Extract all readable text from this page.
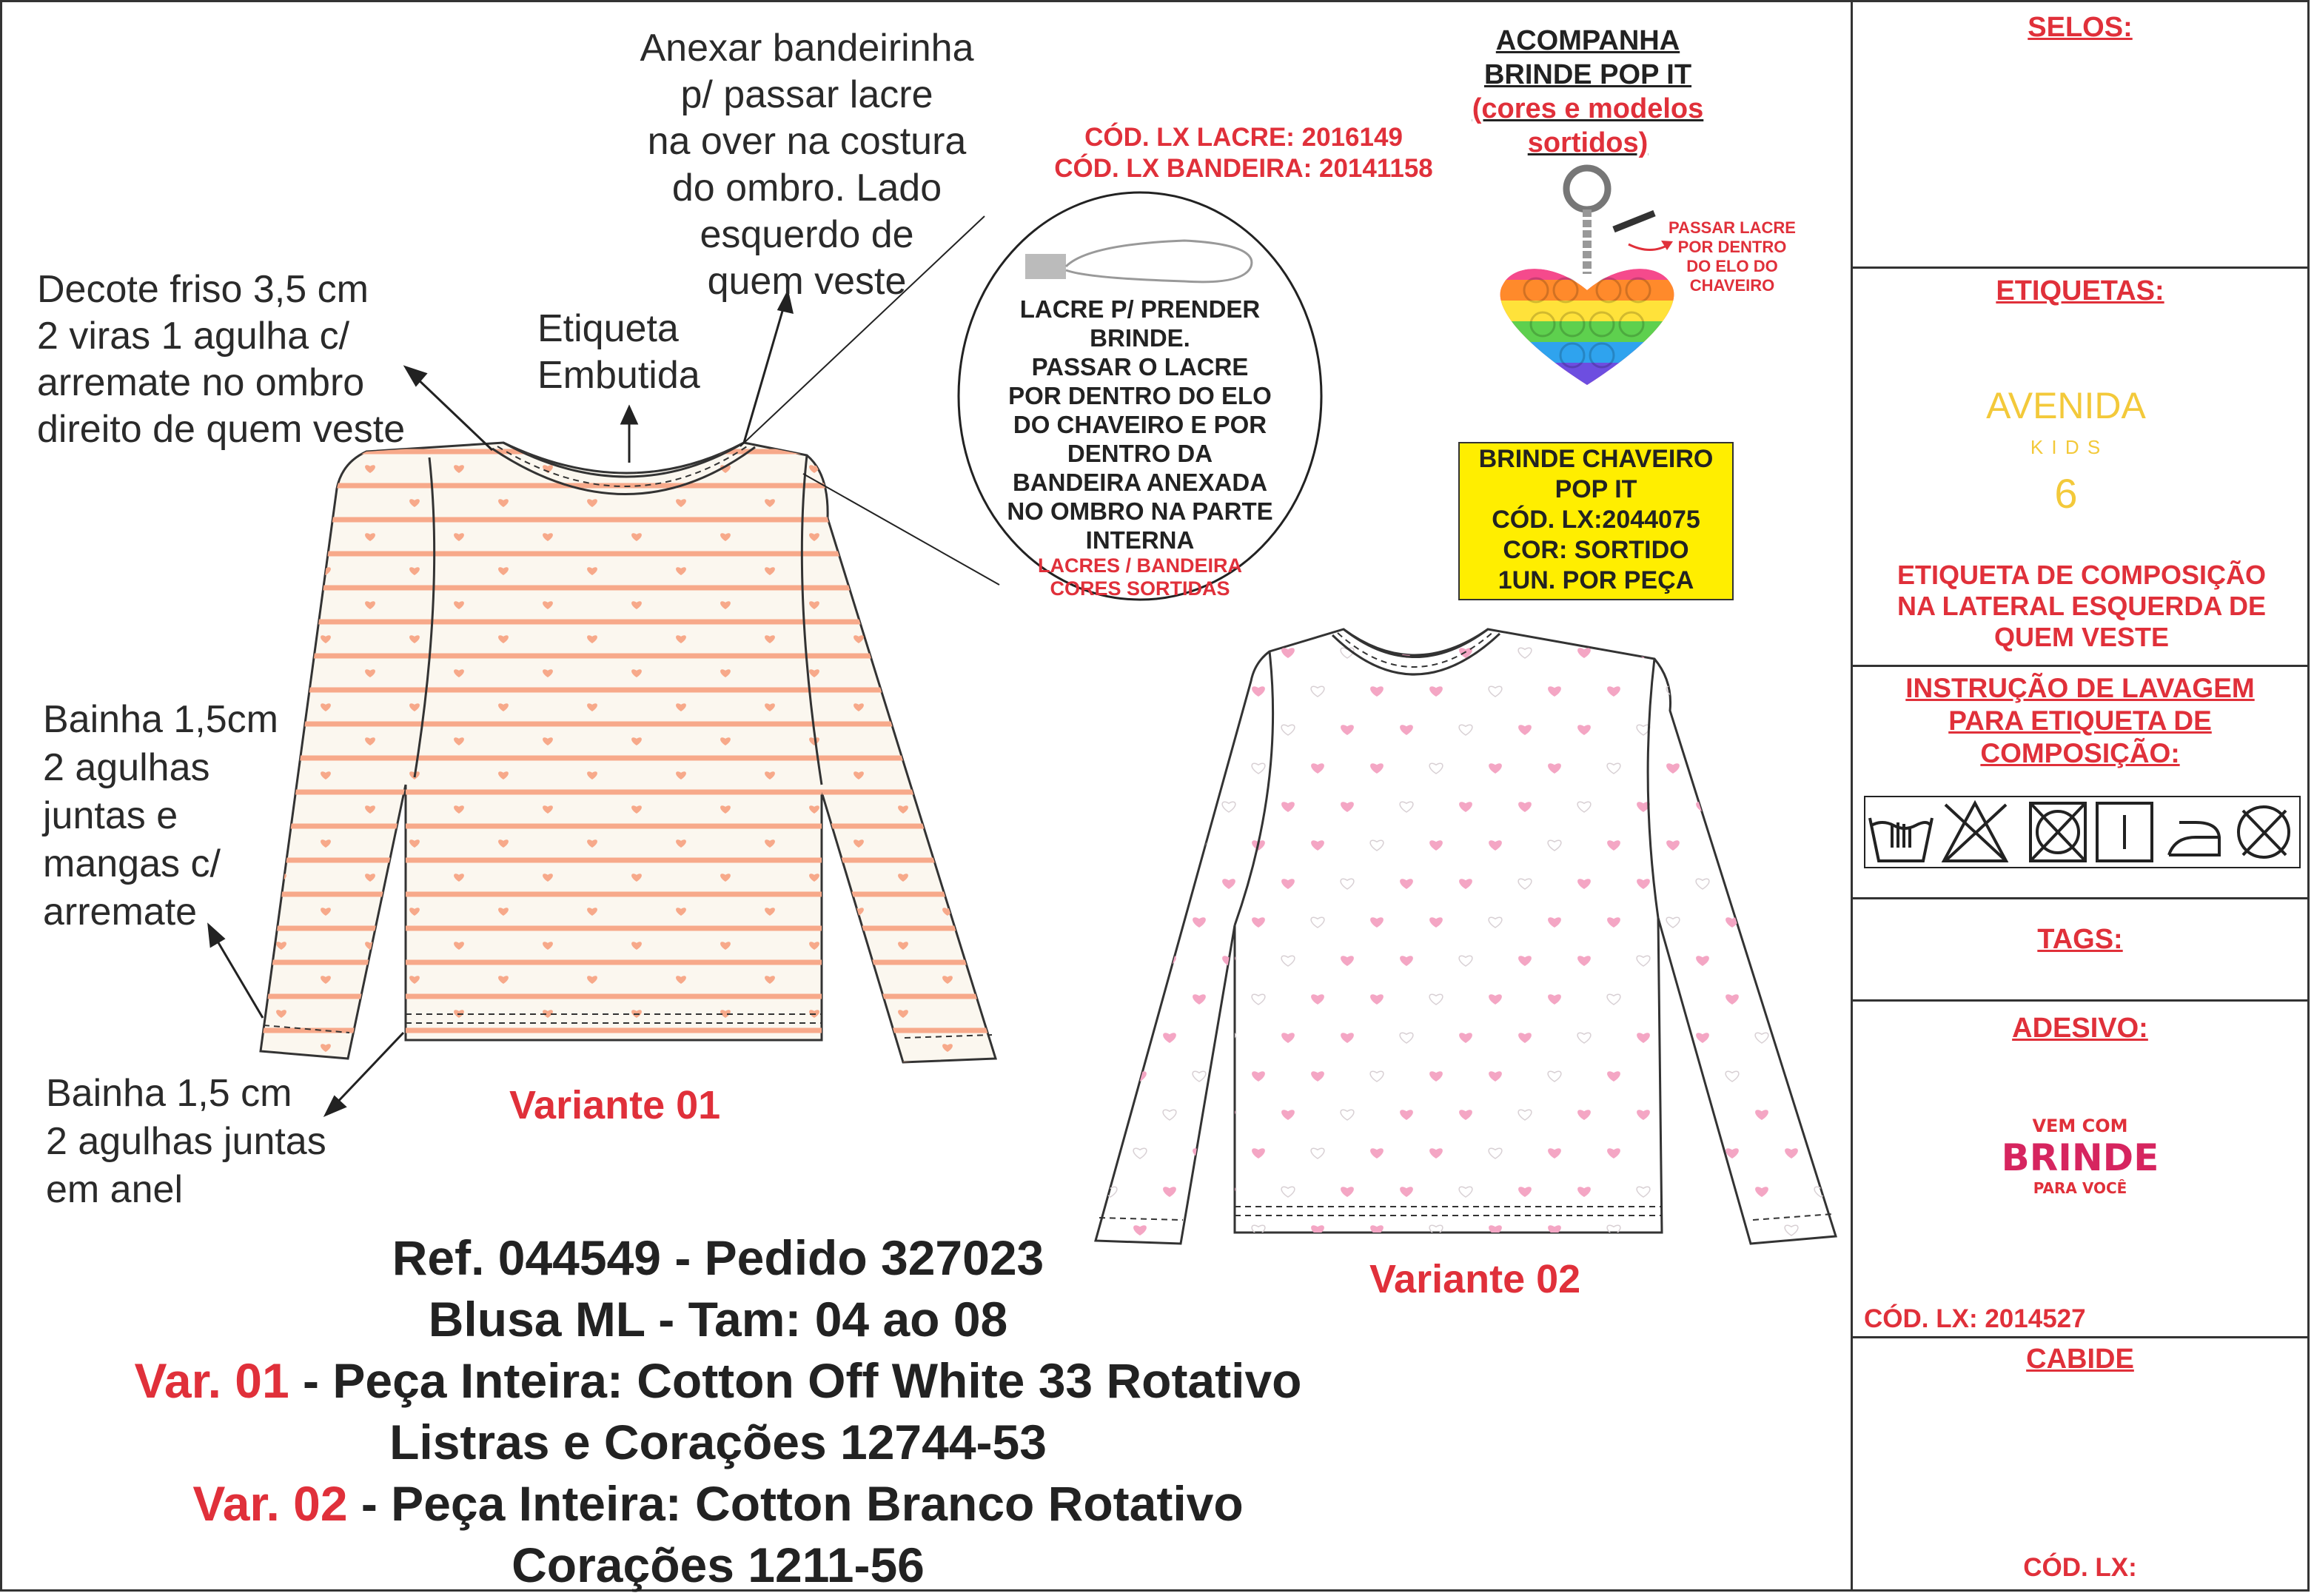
Anexar bandeirinha
p/ passar lacre
na over na costura
do ombro. Lado
esquerdo de
quem veste
Decote friso 3,5 cm
2 viras 1 agulha c/
arremate no ombro
direito de quem veste
Etiqueta
Embutida
Bainha 1,5cm
2 agulhas
juntas e
mangas c/
arremate
Bainha 1,5 cm
2 agulhas juntas
em anel
CÓD. LX LACRE: 2016149
CÓD. LX BANDEIRA: 20141158
LACRE P/ PRENDER
BRINDE.
PASSAR O LACRE
POR DENTRO DO ELO
DO CHAVEIRO E POR
DENTRO DA
BANDEIRA ANEXADA
NO OMBRO NA PARTE
INTERNA
LACRES / BANDEIRA
CORES SORTIDAS
ACOMPANHA
BRINDE POP IT
(cores e modelos
sortidos)
PASSAR LACRE
POR DENTRO
DO ELO DO
CHAVEIRO
BRINDE CHAVEIRO
POP IT
CÓD. LX:2044075
COR: SORTIDO
1UN. POR PEÇA
Variante 01
Variante 02
Ref. 044549 - Pedido 327023
Blusa ML - Tam: 04 ao 08
Var. 01 - Peça Inteira: Cotton Off White 33 Rotativo
Listras e Corações 12744-53
Var. 02 - Peça Inteira: Cotton Branco Rotativo
Corações 1211-56
SELOS:
ETIQUETAS:
AVENIDA
K I D S
6
ETIQUETA DE COMPOSIÇÃO
NA LATERAL ESQUERDA DE
QUEM VESTE
INSTRUÇÃO DE LAVAGEM
PARA ETIQUETA DE
COMPOSIÇÃO:
TAGS:
ADESIVO:
VEM COM
BRINDE
PARA VOCÊ
CÓD. LX: 2014527
CABIDE
CÓD. LX:
